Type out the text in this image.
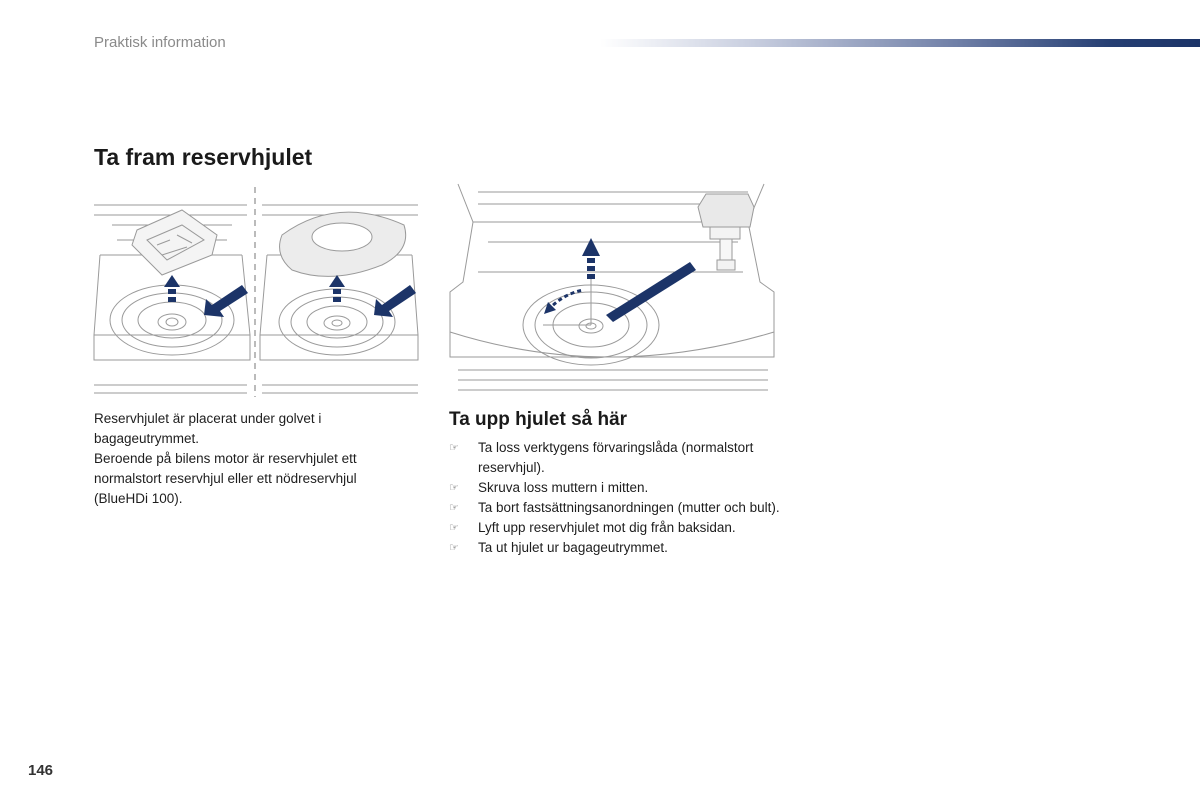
Praktisk information
Ta fram reservhjulet

Reservhjulet är placerat under golvet i bagageutrymmet.

Beroende på bilens motor är reservhjulet ett normalstort reservhjul eller ett nödreservhjul (BlueHDi 100).

Ta upp hjulet så här
☞ Ta loss verktygens förvaringslåda (normalstort reservhjul).
☞ Skruva loss muttern i mitten.
☞ Ta bort fastsättningsanordningen (mutter och bult).
☞ Lyft upp reservhjulet mot dig från baksidan.
☞ Ta ut hjulet ur bagageutrymmet.
146
